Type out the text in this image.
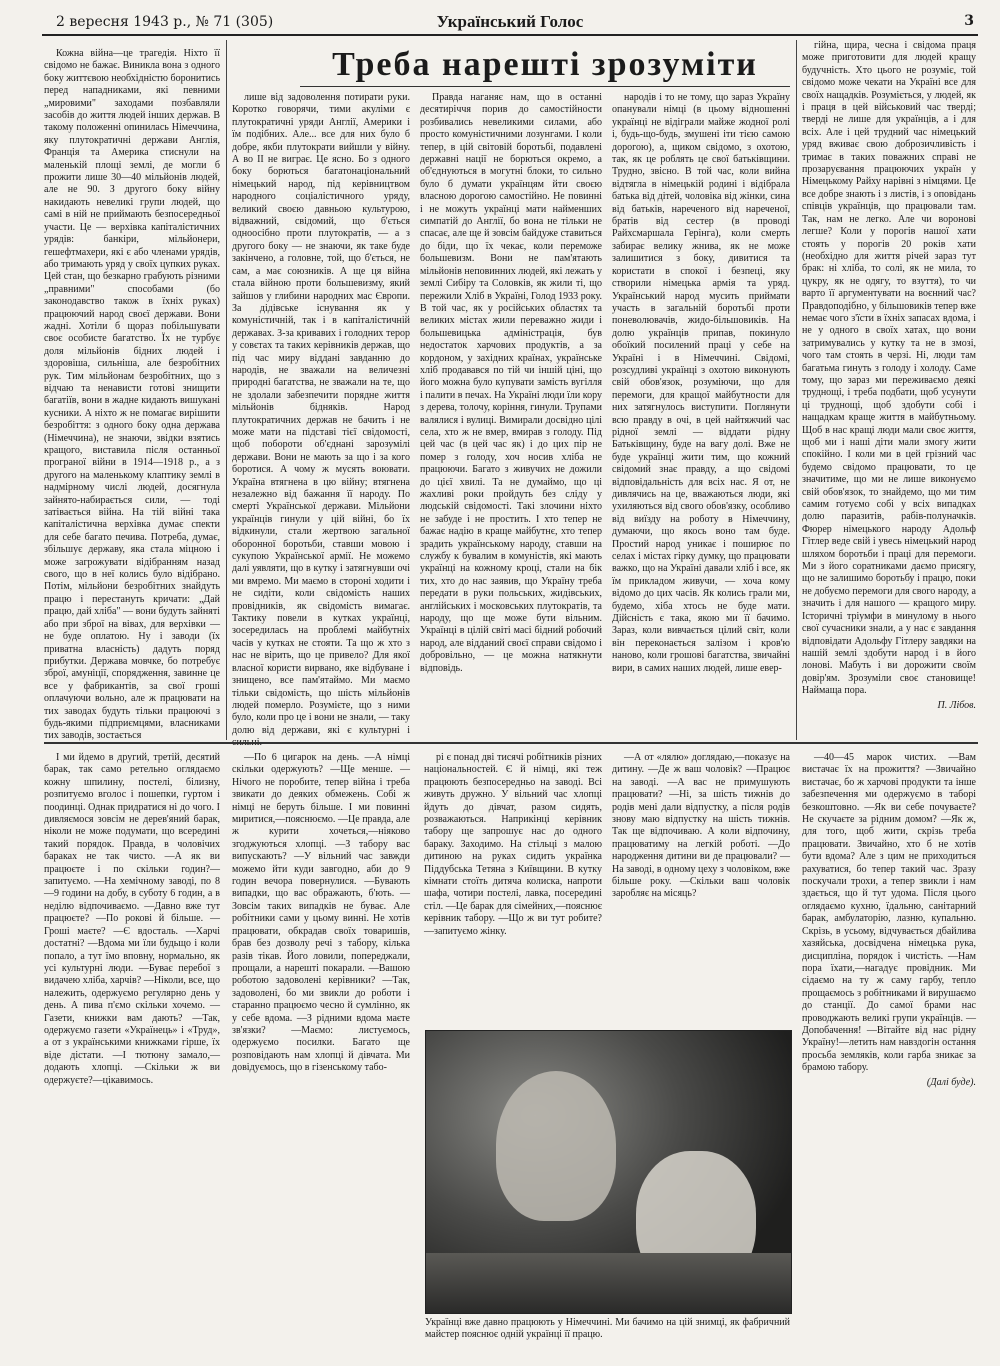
2 вересня 1943 р., № 71 (305)	Український Голос	3
Треба нарешті зрозуміти

Кожна війна—це трагедія. Ніхто її свідомо не бажає. Виникла вона з одного боку життєвою необхідністю боронитись перед нападниками, які певними „мировими" заходами позбавляли засобів до життя людей інших держав. В такому положенні опинилась Німеччина, яку плутократичні держави Англія, Франція та Америка стиснули на маленькій площі землі, де могли б прожити лише 30—40 мільйонів людей, але не 90. З другого боку війну накидають невеликі групи людей, що самі в ній не приймають безпосередньої участи. Це — верхівка капіталістичних урядів: банкіри, мільйонери, гешефтмахери, які є або членами урядів, або тримають уряд у своїх цупких руках. Цей стан, що безкарно грабують різними „правними" способами (бо законодавство також в їхніх руках) працюючий народ своєї держави. Вони жадні. Хотіли б щораз побільшувати своє особисте багатство. Їх не турбує доля мільйонів бідних людей і здоровіша, сильніша, але безробітних рук. Тим мільйонам безробітних, що з відчаю та ненависти готові знищити багатіїв, вони в жадне кидають вишукані кусники. А ніхто ж не помагає вирішити безробіття: з одного боку одна держава (Німеччина), не знаючи, звідки взятись кращого, виставила після останньої програної війни в 1914—1918 р., а з другого на маленькому клаптику землі в надмірному числі людей, досягнула зайнято-набирається сили, — тоді затівається війна. На тій війні така капіталістична верхівка думає спекти для себе багато печива. Потреба, думає, збільшує державу, яка стала міцною і може загрожувати відібранням назад свого, що в неї колись було відібрано. Потім, мільйони безробітних знайдуть працю і перестануть кричати: „Дай працю, дай хліба" — вони будуть зайняті або при зброї на вівах, для верхівки — не буде оплатою. Ну і заводи (їх приватна власність) дадуть поряд прибутки. Держава мовчке, бо потребує зброї, амуніції, спорядження, завинне це все у фабрикантів, за свої гроші оплачуючи вольно, але ж працювати на тих заводах будуть тільки працюючі з будь-якими підприємцями, власниками тих заводів, зостається

лише від задоволення потирати руки. Коротко говорячи, тими акуліми є плутократичні уряди Англії, Америки і їм подібних. Але... все для них було б добре, якби плутократи вийшли у війну. А во ІІ не виграє. Це ясно. Бо з одного боку борються багатонаціональний німецький народ, під керівництвом народного соціалістичного уряду, великий своєю давньою культурою, відважний, свідомий, що б'ється одноосібно проти плутократів, — а з другого боку — не знаючи, як таке буде закінчено, а головне, той, що б'ється, не сам, а має союзників. А ще ця війна стала війною проти большевизму, який зайшов у глибини народних мас Європи. За дідівське існування як у комуністичній, так і в капіталістичній державах. З-за кривавих і голодних терор у совєтах та таких керівників держав, що під час миру віддані завданню до народів, не зважали на величезні природні багатства, не зважали на те, що не здолали забезпечити порядне життя мільйонів бідняків. Народ плутократичних держав не бачить і не може мати на підставі тієї свідомості, щоб побороти об'єднані зарозумілі держави. Вони не мають за що і за кого боротися. А чому ж мусять воювати. Україна втягнена в цю війну; втягнена незалежно від бажання її народу. По смерті Української держави. Мільйони українців гинули у цій війні, бо їх відкинули, стали жертвою загальної оборонної боротьби, ставши мовою і сукупою Української армії. Не можемо далі уявляти, що в кутку і затягнувши очі ми вмремо. Ми маємо в стороні ходити і не сидіти, коли свідомість наших провідників, як свідомість вимагає. Тактику повели в кутках українці, зосередилась на проблемі майбутніх часів у кутках не стояти. Та що ж хто з нас не вірить, що це привело? Для якої власної користи вирвано, яке відбуване і знищено, все пам'ятаймо. Ми маємо тільки свідомість, що шість мільйонів людей померло. Розумієте, що з ними було, коли про це і вони не знали, — таку долю від держави, які є культурні і

Правда наганяє нам, що в останні десятиріччя порив до самостійности розбивались невеликими силами, або просто комуністичними лозунгами. І коли тепер, в цій світовій боротьбі, подавлені державні нації не борються окремо, а об'єднуються в могутні блоки, то сильно було б думати українцям йти своєю власною дорогою самостійно. Не повинні і не можуть українці мати найменших симпатій до Англії, бо вона не тільки не спасає, але ще й зовсім байдуже ставиться до біди, що їх чекає, коли переможе большевизм. Вони не пам'ятають мільйонів неповинних людей, які лежать у землі Сибіру та Соловків, як жили ті, що пережили Хліб в Україні, Голод 1933 року. В той час, як у російських областях та великих містах жили переважно жиди і большевицька адміністрація, був недостаток харчових продуктів, а за кордоном, у західних країнах, українське хліб продавався по тій чи іншій ціні, що його можна було купувати замість вугілля і палити в печах. На Україні люди їли кору з дерева, толочу, коріння, гинули. Трупами валялися і вулиці. Вимирали досвідно цілі села, хто ж не вмер, вмирав з голоду. Під цей час (в цей час як) і до цих пір не помер з голоду, хоч носив хліба не працюючи. Багато з живучих не дожили до цієї хвилі. Та не думаймо, що ці жахливі роки пройдуть без сліду у людській свідомості. Такі злочини ніхто не забуде і не простить. І хто тепер не бажає надію в краще майбутнє, хто тепер зрадить українському народу, ставши на службу к бувалим в комуністів, які мають українці на кожному кроці, стали на бік тих, хто до нас заявив, що Україну треба передати в руки польських, жидівських, англійських і московських плутократів, та народу, що ще може бути вільним. Українці в цілій світі масі бідний робочий народ, але відданий своєї справи свідомо і добровільно, — це можна натякнути відповідь.

народів і то не тому, що зараз Україну опанували німці (в цьому відношенні українці не відіграли майже жодної ролі і, будь-що-будь, змушені іти тією самою дорогою), а, щиком свідомо, з охотою, так, як це роблять це свої батьківщини. Трудно, звісно. В той час, коли вийна відтягла в німецькій родині і відібрала батька від дітей, чоловіка від жінки, сина від батьків, нареченого від нареченої, братів від сестер (в проводі Райхсмаршала Герінга), коли смерть забирає велику жнива, як не може залишитися з боку, дивитися та користати в спокої і безпеці, яку створили німецька армія та уряд. Український народ мусить приймати участь в загальній боротьбі проти поневолювачів, жидо-більшовиків. На долю українців припав, покинуло обоїкий посилений праці у себе на Україні і в Німеччині. Свідомі, розсудливі українці з охотою виконують свій обов'язок, розуміючи, що для перемоги, для кращої майбутности для них затягнулось виступити. Поглянути всю правду в очі, в цей найтяжчий час рідної землі — віддати рідну Батьківщину, буде на вагу долі. Вже не буде українці жити тим, що кожний свідомий знає правду, а що свідомі відповідальність для всіх нас. Я от, не дивлячись на це, вважаються люди, які ухиляються від свого обов'язку, особливо від виїзду на роботу в Німеччину, думаючи, що якось воно там буде. Простий народ уникає і поширює по селах і містах гірку думку, що працювати важко, що на Україні давали хліб і все, як їм прикладом живучи, — хоча кому відомо до цих часів. Як колись грали ми, будемо, хіба хтось не буде мати. Дійсність є така, якою ми її бачимо. Зараз, коли вивчається цілий світ, коли він переконається залізом і кров'ю наново, коли грошові багатства, звичайні вири, в самих наших людей, лише евер-

гійна, щира, чесна і свідома праця може приготовити для людей кращу будучність. Хто цього не розуміє, той свідомо може чекати на Україні все для своїх нащадків. Розуміється, у людей, як і праця в цей військовий час тверді; тверді не лише для українців, а і для всіх. Але і цей трудний час німецький уряд вживає свою доброзичливість і тримає в таких поважних справі не прозаруєвання працюючих україн у Німецькому Райху нарівні з німцями. Це все добре знають і з листів, і з оповідань співців українців, що працювали там. Так, нам не легко. Але чи воронові легше? Коли у порогів нашої хати стоять у порогів 20 років хати (необхідно для життя річей зараз тут брак: ні хліба, то солі, як не мила, то цукру, як не одягу, то взуття), то чи варто її аргументувати на воєнний час? Правдоподібно, у більшовиків тепер вже немає чого з'їсти в їхніх запасах вдома, і не у одного в своїх хатах, що вони затримувались у кутку та не в змозі, чого там стоять в черзі. Ні, люди там багатьма гинуть з голоду і холоду. Саме тому, що зараз ми переживаємо деякі труднощі, і треба подбати, щоб усунути ці труднощі, щоб здобути собі і нащадкам краще життя в майбутньому. Щоб в нас кращі люди мали своє життя, щоб ми і наші діти мали змогу жити спокійно. І коли ми в цей грізний час будемо свідомо працювати, то це значитиме, що ми не лише виконуємо свій обов'язок, то знайдемо, що ми тим самим готуємо собі у всіх випадках долю паразитів, рабів-полуначків. Фюрер німецького народу Адольф Гітлер веде свій і увесь німецький народ шляхом боротьби і праці для перемоги. Ми з його соратниками даємо присягу, що не залишимо боротьбу і працю, поки не добуємо перемоги для свого народу, а значить і для нашого — кращого миру. Історичні тріумфи в минулому в нього свої сучасники знали, а у нас є завдання відповідати Адольфу Гітлеру завдяки на нашій землі здобути народ і в його лонові. Мабуть і ви дорожити своїм довір'ям. Зрозуміли своє становище! Наймаща пора.

П. Лібов.

І ми йдемо в другий, третій, десятий барак, так само ретельно оглядаємо кожну шпилину, постелі, білизну, розпитуємо вголос і пошепки, гуртом і поодинці. Однак придратися ні до чого. І дивляємося зовсім не дерев'яний барак, ніколи не може подумати, що всередині такий порядок. Правда, в чоловічих бараках не так чисто. —А як ви працюєте і по скільки годин?—запитуємо. —На хемічному заводі, по 8—9 години на добу, в суботу 6 годин, а в неділю відпочиваємо. —Давно вже тут працюєте? —По рокові й більше. —Гроші маєте? —Є вдосталь. —Харчі достатні? —Вдома ми їли будьщо і коли попало, а тут їмо вповну, нормально, як усі культурні люди. —Буває перебої з видачею хліба, харчів? —Ніколи, все, що належить, одержуємо регулярно день у день. А пива п'ємо скільки хочемо. —Газети, книжки вам дають? —Так, одержуємо газети «Українець» і «Труд», а от з українськими книжками гірше, їх віде дістати. —І тютюну замало,—додають хлопці. —Скільки ж ви одержуєте?—цікавимось.

—По 6 цигарок на день. —А німці скільки одержують? —Ще менше. —Нічого не поробите, тепер війна і треба звикати до деяких обмежень. Собі ж німці не беруть більше. І ми повинні миритися,—пояснюємо. —Це правда, але ж курити хочеться,—ніяково згоджуються хлопці. —З табору вас випускають? —У вільний час завжди можемо йти куди завгодно, аби до 9 годин вечора повернулися. —Бувають випадки, що вас ображають, б'ють. —Зовсім таких випадків не буває. Але робітники сами у цьому винні. Не хотів працювати, обкрадав своїх товаришів, брав без дозволу речі з табору, кілька разів тікав. Його ловили, попереджали, прощали, а нарешті покарали. —Вашою роботою задоволені керівники? —Так, задоволені, бо ми звикли до роботи і старанно працюємо чесно й сумлінно, як у себе вдома. —З рідними вдома маєте зв'язки? —Маємо: листуємось, одержуємо посилки. Багато ще розповідають нам хлопці й дівчата. Ми довідуємось, що в гізенському табо-

рі є понад дві тисячі робітників різних національностей. Є й німці, які теж працюють безпосередньо на заводі. Всі живуть дружно. У вільний час хлопці йдуть до дівчат, разом сидять, розважаються. Наприкінці керівник табору ще запрошує нас до одного бараку. Заходимо. На стільці з малою дитиною на руках сидить українка Піддубська Тетяна з Київщини. В кутку кімнати стоїть дитяча колиска, напроти шафа, чотири постелі, лавка, посередині стіл. —Це барак для сімейних,—пояснює керівник табору. —Що ж ви тут робите?—запитуємо жінку.

—А от «лялю» доглядаю,—показує на дитину. —Де ж ваш чоловік? —Працює на заводі. —А вас не примушують працювати? —Ні, за шість тижнів до родів мені дали відпустку, а після родів знову маю відпустку на шість тижнів. Так ще відпочиваю. А коли відпочину, працюватиму на легкій роботі. —До народження дитини ви де працювали? —На заводі, в одному цеху з чоловіком, вже більше року. —Скільки ваш чоловік заробляє на місяць?

—40—45 марок чистих. —Вам вистачає їх на прожиття? —Звичайно вистачає, бо ж харчові продукти та інше забезпечення ми одержуємо в таборі безкоштовно. —Як ви себе почуваєте? Не скучаєте за рідним домом? —Як ж, для того, щоб жити, скрізь треба працювати. Звичайно, хто б не хотів бути вдома? Але з цим не приходиться рахуватися, бо тепер такий час. Зразу поскучали трохи, а тепер звикли і нам здається, що й тут удома. Після цього оглядаємо кухню, їдальню, санітарний барак, амбулаторію, лазню, купальню. Скрізь, в усьому, відчувається дбайлива хазяйська, досвідчена німецька рука, дисципліна, порядок і чистість. —Нам пора їхати,—нагадує провідник. Ми сідаємо на ту ж саму гарбу, тепло прощаємось з робітниками й вирушаємо до станції. До самої брами нас проводжають великі групи українців. —Допобачення! —Вітайте від нас рідну Україну!—летить нам навздогін остання просьба земляків, коли гарба зникає за брамою табору.

(Далі буде).
Українці вже давно працюють у Німеччині. Ми бачимо на цій знимці, як фабричний майстер пояснює одній українці її працю.
